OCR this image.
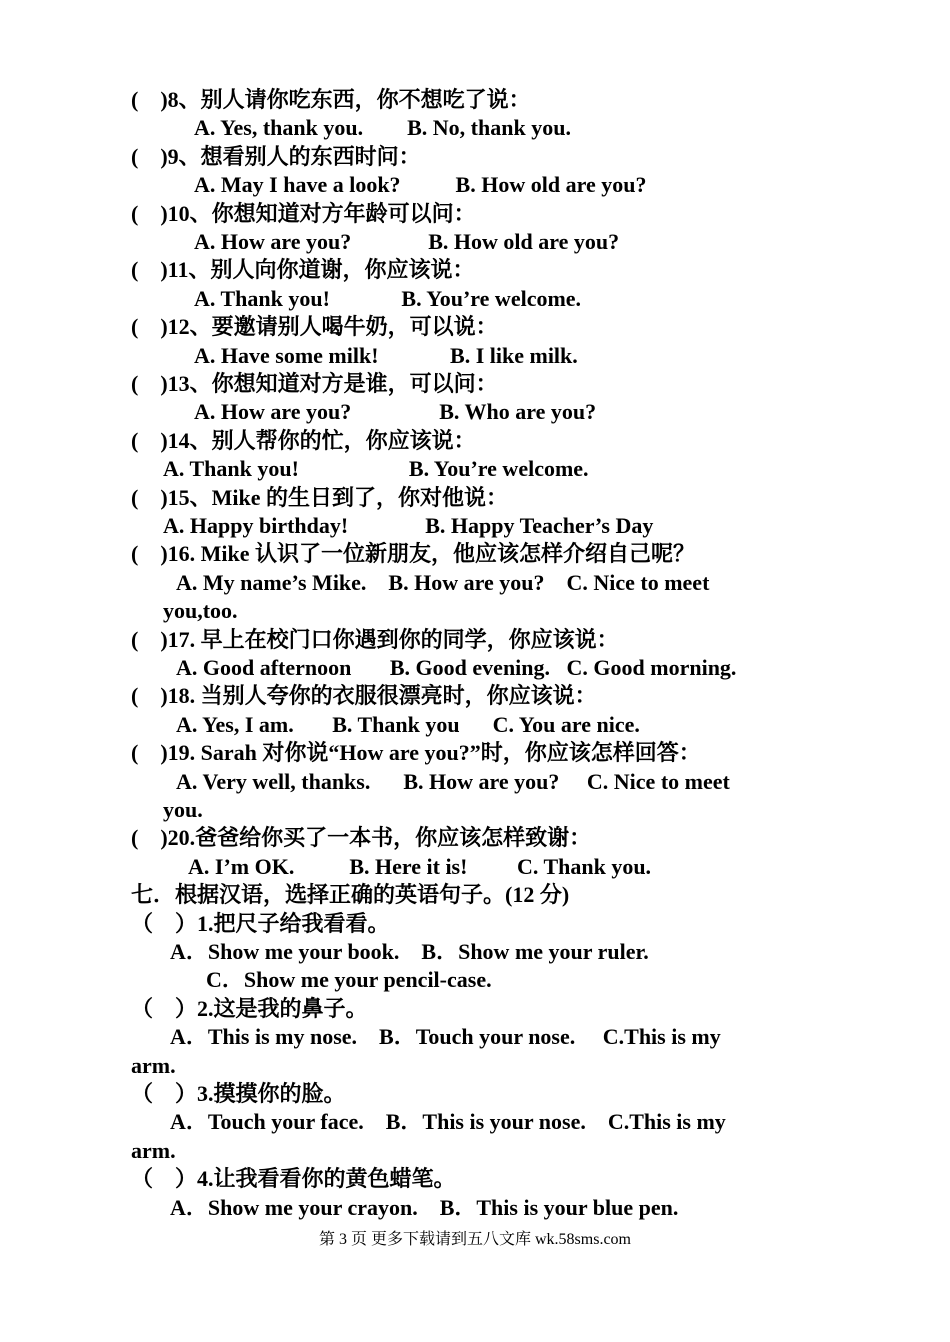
(    )8、别人请你吃东西，你不想吃了说：
A. Yes, thank you.        B. No, thank you.
(    )9、想看别人的东西时问：
A. May I have a look?          B. How old are you?
(    )10、你想知道对方年龄可以问：
A. How are you?              B. How old are you?
(    )11、别人向你道谢，你应该说：
A. Thank you!             B. You’re welcome.
(    )12、要邀请别人喝牛奶，可以说：
A. Have some milk!             B. I like milk.
(    )13、你想知道对方是谁，可以问：
A. How are you?                B. Who are you?
(    )14、别人帮你的忙，你应该说：
A. Thank you!                    B. You’re welcome.
(    )15、Mike 的生日到了，你对他说：
A. Happy birthday!              B. Happy Teacher’s Day
(    )16. Mike 认识了一位新朋友，他应该怎样介绍自己呢？
A. My name’s Mike.    B. How are you?    C. Nice to meet
you,too.
(    )17. 早上在校门口你遇到你的同学，你应该说：
A. Good afternoon       B. Good evening.   C. Good morning.
(    )18. 当别人夸你的衣服很漂亮时，你应该说：
A. Yes, I am.       B. Thank you      C. You are nice.
(    )19. Sarah 对你说“How are you?”时，你应该怎样回答：
A. Very well, thanks.      B. How are you?     C. Nice to meet
you.
(    )20.爸爸给你买了一本书，你应该怎样致谢：
A. I’m OK.          B. Here it is!         C. Thank you.
七．根据汉语，选择正确的英语句子。(12 分)
（    ）1.把尺子给我看看。
A．Show me your book.    B．Show me your ruler.
C．Show me your pencil-case.
（    ）2.这是我的鼻子。
A．This is my nose.    B．Touch your nose.     C.This is my
arm.
（    ）3.摸摸你的脸。
A．Touch your face.    B．This is your nose.    C.This is my
arm.
（    ）4.让我看看你的黄色蜡笔。
A．Show me your crayon.    B．This is your blue pen.
第 3 页 更多下载请到五八文库 wk.58sms.com
